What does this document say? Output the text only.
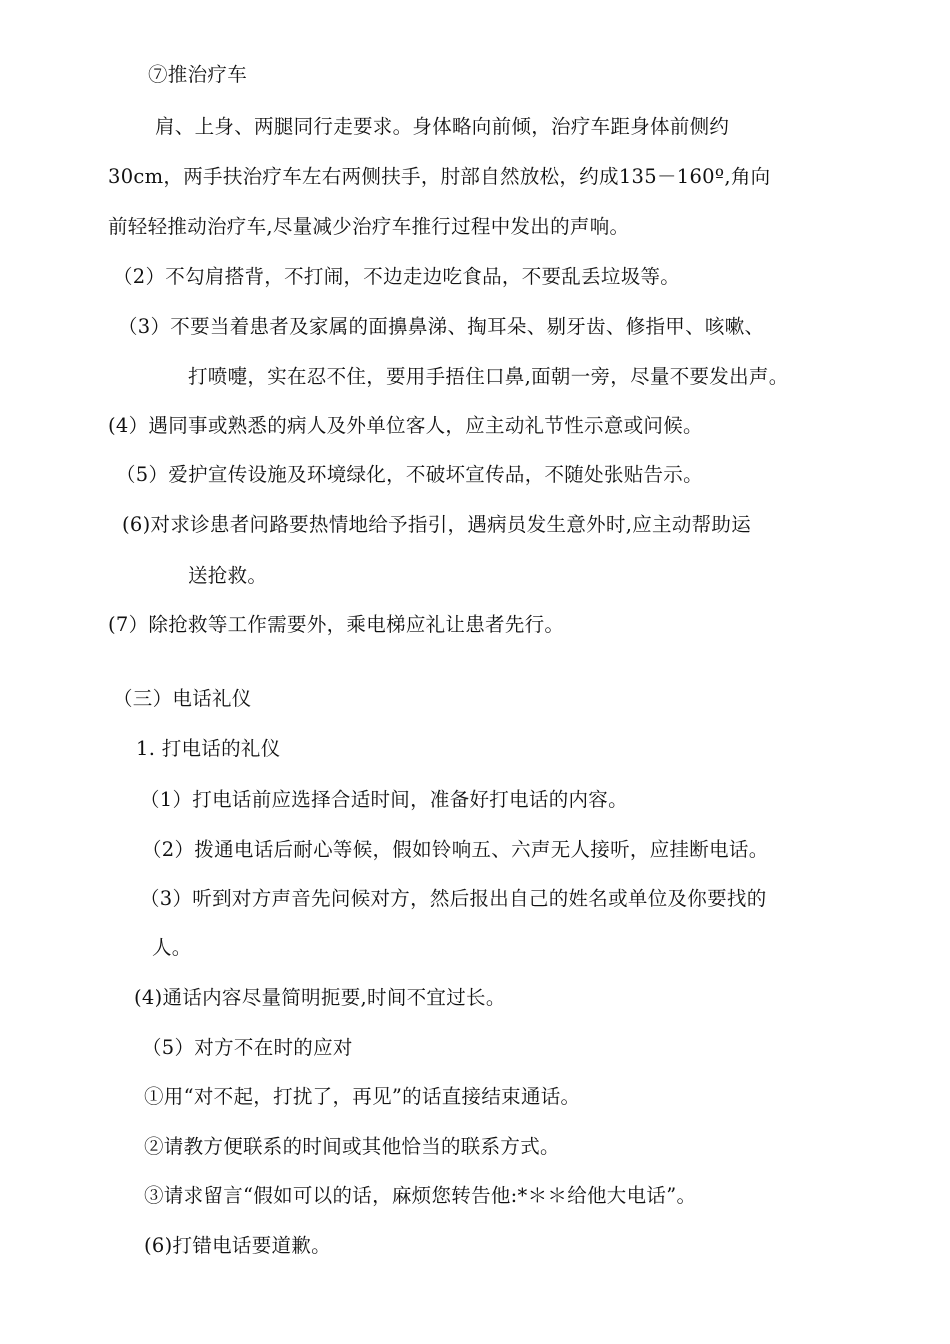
⑦推治疗车
肩、上身、两腿同行走要求。身体略向前倾，治疗车距身体前侧约
30cm，两手扶治疗车左右两侧扶手，肘部自然放松，约成135－160º,角向
前轻轻推动治疗车,尽量减少治疗车推行过程中发出的声响。
（2）不勾肩搭背，不打闹，不边走边吃食品，不要乱丢垃圾等。
（3）不要当着患者及家属的面擤鼻涕、掏耳朵、剔牙齿、修指甲、咳嗽、
打喷嚏，实在忍不住，要用手捂住口鼻,面朝一旁，尽量不要发出声。
(4）遇同事或熟悉的病人及外单位客人，应主动礼节性示意或问候。
（5）爱护宣传设施及环境绿化，不破坏宣传品，不随处张贴告示。
(6)对求诊患者问路要热情地给予指引，遇病员发生意外时,应主动帮助运
送抢救。
(7）除抢救等工作需要外，乘电梯应礼让患者先行。
（三）电话礼仪
1. 打电话的礼仪
（1）打电话前应选择合适时间，准备好打电话的内容。
（2）拨通电话后耐心等候，假如铃响五、六声无人接听，应挂断电话。
（3）听到对方声音先问候对方，然后报出自己的姓名或单位及你要找的
人。
(4)通话内容尽量简明扼要,时间不宜过长。
（5）对方不在时的应对
①用“对不起，打扰了，再见”的话直接结束通话。
②请教方便联系的时间或其他恰当的联系方式。
③请求留言“假如可以的话，麻烦您转告他:*＊＊给他大电话”。
(6)打错电话要道歉。
